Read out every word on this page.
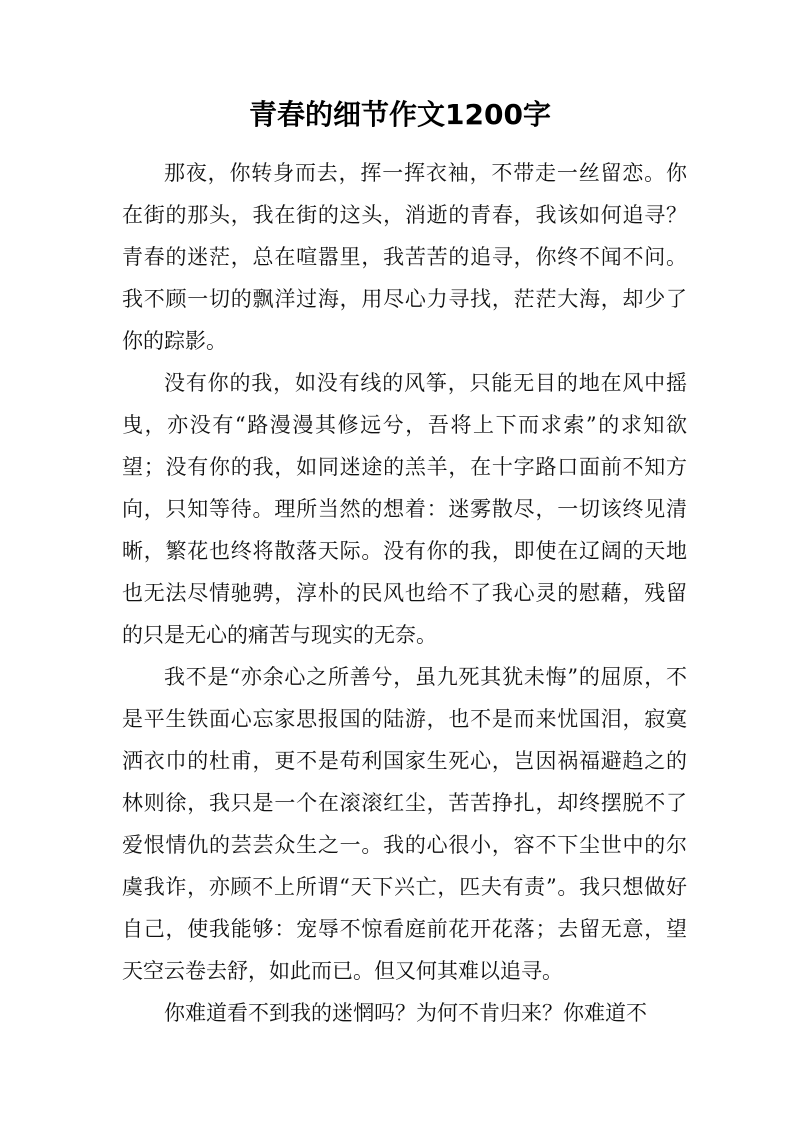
青春的细节作文1200字

那夜，你转身而去，挥一挥衣袖，不带走一丝留恋。你在街的那头，我在街的这头，消逝的青春，我该如何追寻？青春的迷茫，总在喧嚣里，我苦苦的追寻，你终不闻不问。我不顾一切的飘洋过海，用尽心力寻找，茫茫大海，却少了你的踪影。

没有你的我，如没有线的风筝，只能无目的地在风中摇曳，亦没有“路漫漫其修远兮，吾将上下而求索”的求知欲望；没有你的我，如同迷途的羔羊，在十字路口面前不知方向，只知等待。理所当然的想着：迷雾散尽，一切该终见清晰，繁花也终将散落天际。没有你的我，即使在辽阔的天地也无法尽情驰骋，淳朴的民风也给不了我心灵的慰藉，残留的只是无心的痛苦与现实的无奈。

我不是“亦余心之所善兮，虽九死其犹未悔”的屈原，不是平生铁面心忘家思报国的陆游，也不是而来忧国泪，寂寞洒衣巾的杜甫，更不是苟利国家生死心，岂因祸福避趋之的林则徐，我只是一个在滚滚红尘，苦苦挣扎，却终摆脱不了爱恨情仇的芸芸众生之一。我的心很小，容不下尘世中的尔虞我诈，亦顾不上所谓“天下兴亡，匹夫有责”。我只想做好自己，使我能够：宠辱不惊看庭前花开花落；去留无意，望天空云卷去舒，如此而已。但又何其难以追寻。

你难道看不到我的迷惘吗？为何不肯归来？你难道不
